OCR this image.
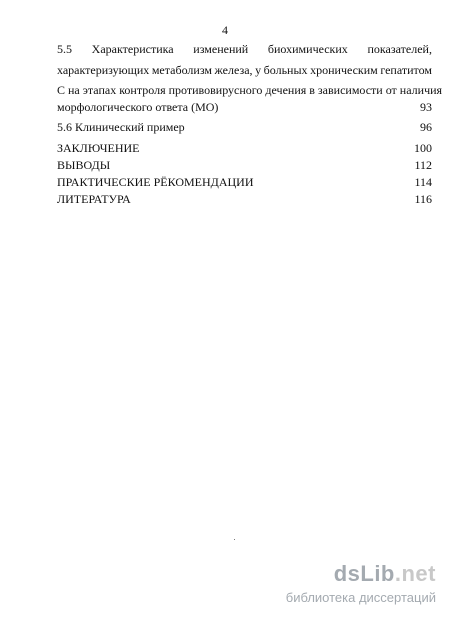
4
5.5 Характеристика изменений биохимических показателей,
характеризующих метаболизм железа, у больных хроническим гепатитом
С на этапах контроля противовирусного дечения в зависимости от наличия
морфологического ответа (МО)	93
5.6 Клинический пример	96
ЗАКЛЮЧЕНИЕ	100
ВЫВОДЫ	112
ПРАКТИЧЕСКИЕ РЁКОМЕНДАЦИИ	114
ЛИТЕРАТУРА	116
dsLib.net
библиотека диссертаций
